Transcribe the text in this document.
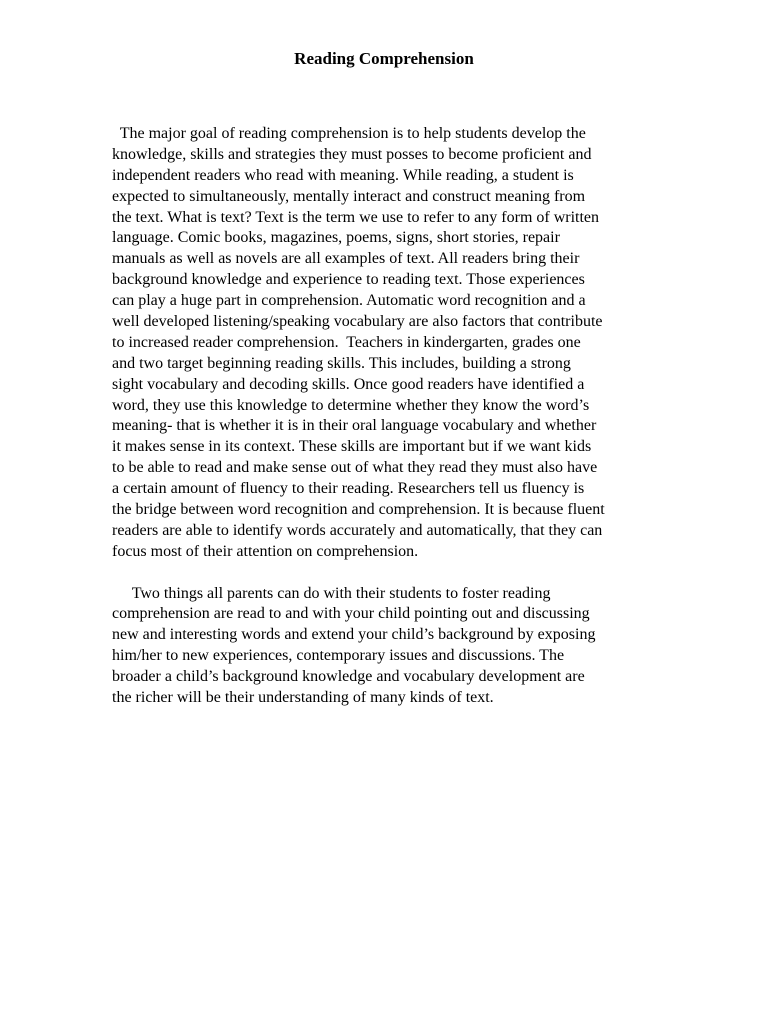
Reading Comprehension
The major goal of reading comprehension is to help students develop the
knowledge, skills and strategies they must posses to become proficient and
independent readers who read with meaning. While reading, a student is
expected to simultaneously, mentally interact and construct meaning from
the text. What is text? Text is the term we use to refer to any form of written
language. Comic books, magazines, poems, signs, short stories, repair
manuals as well as novels are all examples of text. All readers bring their
background knowledge and experience to reading text. Those experiences
can play a huge part in comprehension. Automatic word recognition and a
well developed listening/speaking vocabulary are also factors that contribute
to increased reader comprehension.  Teachers in kindergarten, grades one
and two target beginning reading skills. This includes, building a strong
sight vocabulary and decoding skills. Once good readers have identified a
word, they use this knowledge to determine whether they know the word’s
meaning- that is whether it is in their oral language vocabulary and whether
it makes sense in its context. These skills are important but if we want kids
to be able to read and make sense out of what they read they must also have
a certain amount of fluency to their reading. Researchers tell us fluency is
the bridge between word recognition and comprehension. It is because fluent
readers are able to identify words accurately and automatically, that they can
focus most of their attention on comprehension.
Two things all parents can do with their students to foster reading
comprehension are read to and with your child pointing out and discussing
new and interesting words and extend your child’s background by exposing
him/her to new experiences, contemporary issues and discussions. The
broader a child’s background knowledge and vocabulary development are
the richer will be their understanding of many kinds of text.
